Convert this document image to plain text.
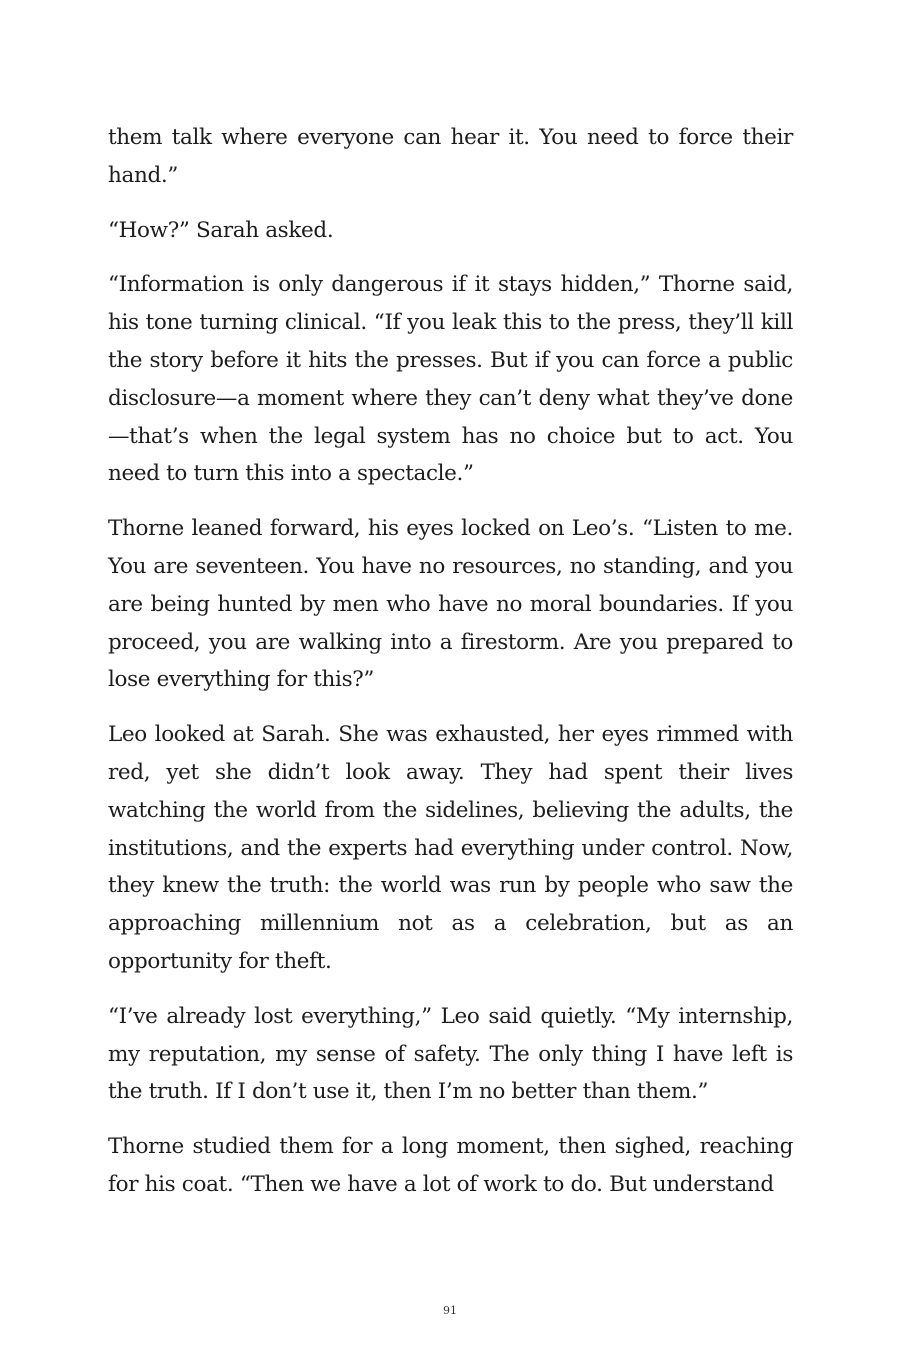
them talk where everyone can hear it. You need to force their hand.”

“How?” Sarah asked.

“Information is only dangerous if it stays hidden,” Thorne said, his tone turning clinical. “If you leak this to the press, they’ll kill the story before it hits the presses. But if you can force a public disclosure—a moment where they can’t deny what they’ve done —that’s when the legal system has no choice but to act. You need to turn this into a spectacle.”

Thorne leaned forward, his eyes locked on Leo’s. “Listen to me. You are seventeen. You have no resources, no standing, and you are being hunted by men who have no moral boundaries. If you proceed, you are walking into a firestorm. Are you prepared to lose everything for this?”

Leo looked at Sarah. She was exhausted, her eyes rimmed with red, yet she didn’t look away. They had spent their lives watching the world from the sidelines, believing the adults, the institutions, and the experts had everything under control. Now, they knew the truth: the world was run by people who saw the approaching millennium not as a celebration, but as an opportunity for theft.

“I’ve already lost everything,” Leo said quietly. “My internship, my reputation, my sense of safety. The only thing I have left is the truth. If I don’t use it, then I’m no better than them.”

Thorne studied them for a long moment, then sighed, reaching for his coat. “Then we have a lot of work to do. But understand

91
